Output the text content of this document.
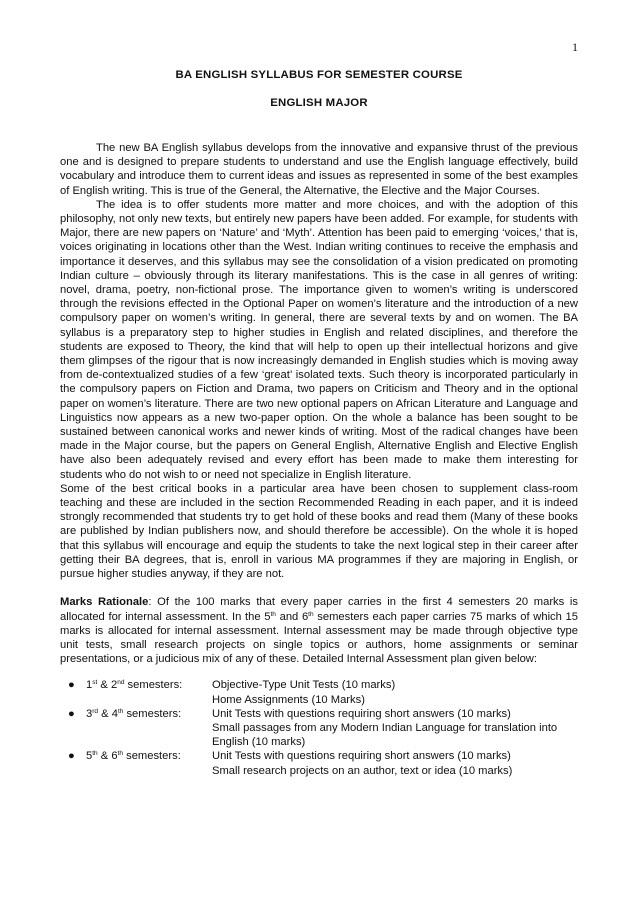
1
BA ENGLISH SYLLABUS FOR SEMESTER COURSE
ENGLISH MAJOR

The new BA English syllabus develops from the innovative and expansive thrust of the previous one and is designed to prepare students to understand and use the English language effectively, build vocabulary and introduce them to current ideas and issues as represented in some of the best examples of English writing. This is true of the General, the Alternative, the Elective and the Major Courses.

The idea is to offer students more matter and more choices, and with the adoption of this philosophy, not only new texts, but entirely new papers have been added. For example, for students with Major, there are new papers on ‘Nature’ and ‘Myth’. Attention has been paid to emerging ‘voices,’ that is, voices originating in locations other than the West. Indian writing continues to receive the emphasis and importance it deserves, and this syllabus may see the consolidation of a vision predicated on promoting Indian culture – obviously through its literary manifestations. This is the case in all genres of writing: novel, drama, poetry, non-fictional prose. The importance given to women’s writing is underscored through the revisions effected in the Optional Paper on women’s literature and the introduction of a new compulsory paper on women’s writing. In general, there are several texts by and on women. The BA syllabus is a preparatory step to higher studies in English and related disciplines, and therefore the students are exposed to Theory, the kind that will help to open up their intellectual horizons and give them glimpses of the rigour that is now increasingly demanded in English studies which is moving away from de-contextualized studies of a few ‘great’ isolated texts. Such theory is incorporated particularly in the compulsory papers on Fiction and Drama, two papers on Criticism and Theory and in the optional paper on women’s literature. There are two new optional papers on African Literature and Language and Linguistics now appears as a new two-paper option. On the whole a balance has been sought to be sustained between canonical works and newer kinds of writing. Most of the radical changes have been made in the Major course, but the papers on General English, Alternative English and Elective English have also been adequately revised and every effort has been made to make them interesting for students who do not wish to or need not specialize in English literature.

Some of the best critical books in a particular area have been chosen to supplement class-room teaching and these are included in the section Recommended Reading in each paper, and it is indeed strongly recommended that students try to get hold of these books and read them (Many of these books are published by Indian publishers now, and should therefore be accessible). On the whole it is hoped that this syllabus will encourage and equip the students to take the next logical step in their career after getting their BA degrees, that is, enroll in various MA programmes if they are majoring in English, or pursue higher studies anyway, if they are not.

Marks Rationale: Of the 100 marks that every paper carries in the first 4 semesters 20 marks is allocated for internal assessment. In the 5th and 6th semesters each paper carries 75 marks of which 15 marks is allocated for internal assessment. Internal assessment may be made through objective type unit tests, small research projects on single topics or authors, home assignments or seminar presentations, or a judicious mix of any of these. Detailed Internal Assessment plan given below:

●	1st & 2nd semesters:	Objective-Type Unit Tests (10 marks)
Home Assignments (10 Marks)
●	3rd & 4th semesters:	Unit Tests with questions requiring short answers (10 marks)
Small passages from any Modern Indian Language for translation into English (10 marks)
●	5th & 6th semesters:	Unit Tests with questions requiring short answers (10 marks)
Small research projects on an author, text or idea (10 marks)
